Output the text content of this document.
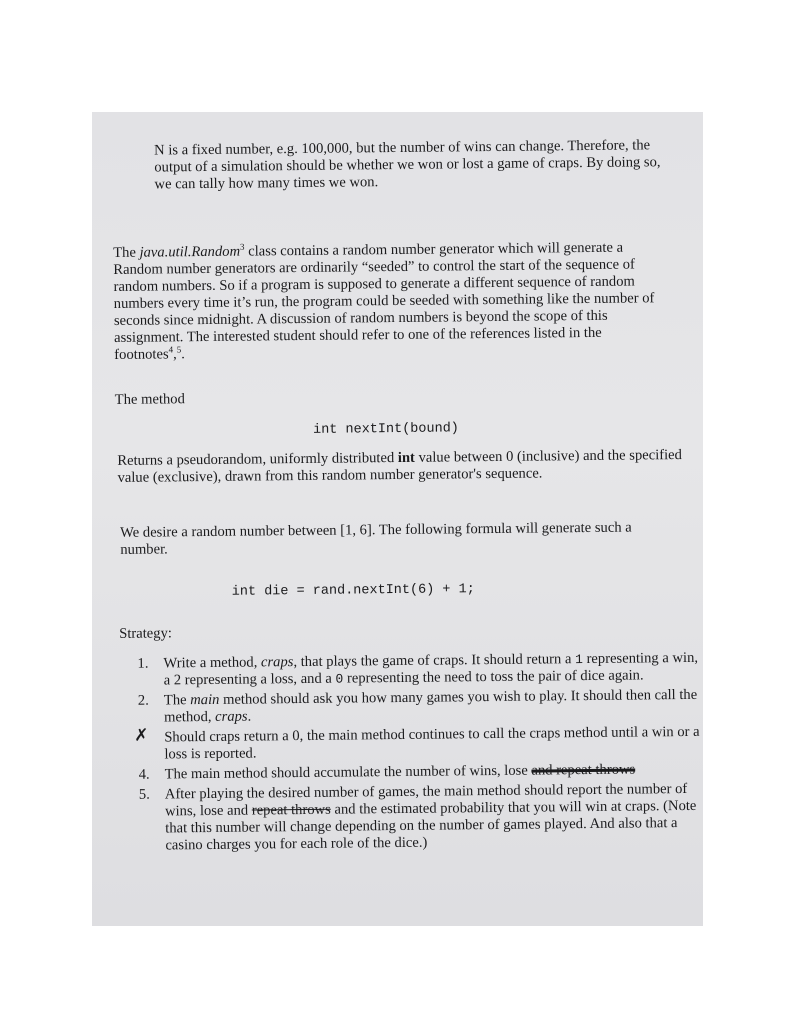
N is a fixed number, e.g. 100,000, but the number of wins can change. Therefore, the output of a simulation should be whether we won or lost a game of craps. By doing so, we can tally how many times we won.
The java.util.Random$^3$ class contains a random number generator which will generate a Random number generators are ordinarily “seeded” to control the start of the sequence of random numbers. So if a program is supposed to generate a different sequence of random numbers every time it’s run, the program could be seeded with something like the number of seconds since midnight. A discussion of random numbers is beyond the scope of this assignment. The interested student should refer to one of the references listed in the footnotes$^4$,$^5$.
The method
int nextInt(bound)
Returns a pseudorandom, uniformly distributed int value between 0 (inclusive) and the specified value (exclusive), drawn from this random number generator's sequence.
We desire a random number between [1, 6]. The following formula will generate such a number.
int die = rand.nextInt(6) + 1;
Strategy:
1. Write a method, craps, that plays the game of craps. It should return a 1 representing a win, a 2 representing a loss, and a 0 representing the need to toss the pair of dice again.
2. The main method should ask you how many games you wish to play. It should then call the method, craps.
✗ Should craps return a 0, the main method continues to call the craps method until a win or a loss is reported.
4. The main method should accumulate the number of wins, lose and repeat throws
5. After playing the desired number of games, the main method should report the number of wins, lose and repeat throws and the estimated probability that you will win at craps. (Note that this number will change depending on the number of games played. And also that a casino charges you for each role of the dice.)
